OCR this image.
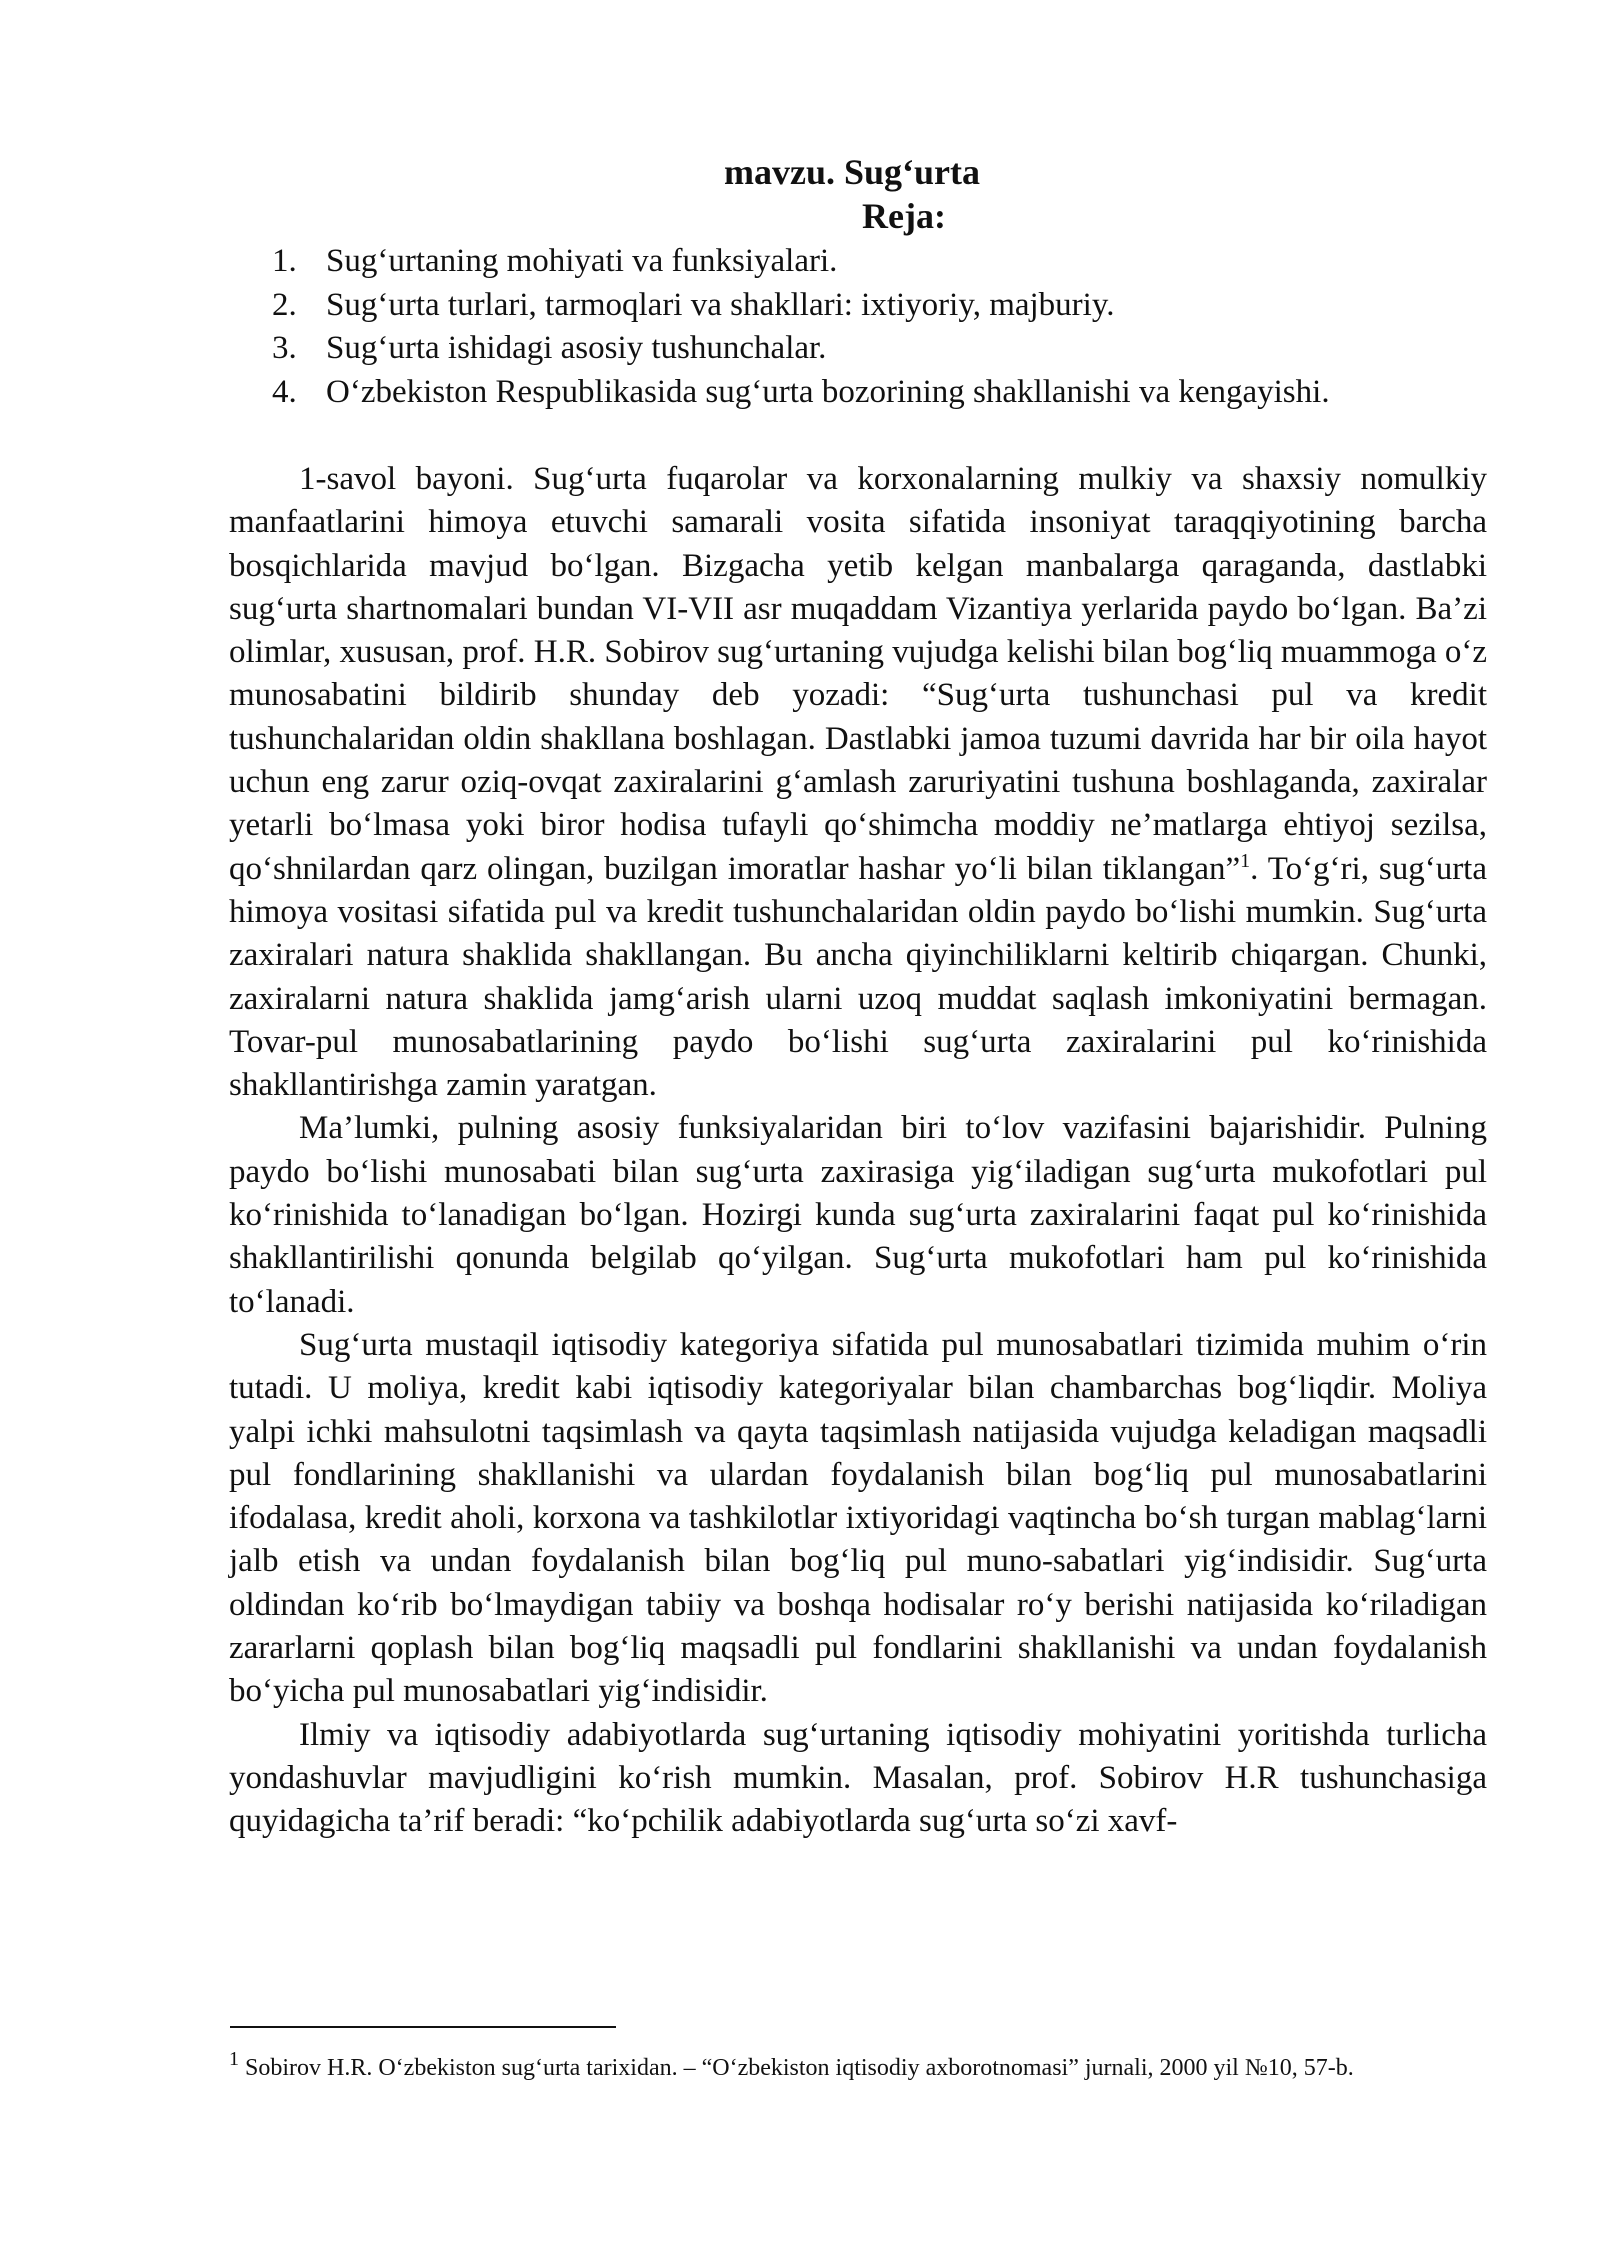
mavzu. Sug‘urta
Reja:
1. Sug‘urtaning mohiyati va funksiyalari.
2. Sug‘urta turlari, tarmoqlari va shakllari: ixtiyoriy, majburiy.
3. Sug‘urta ishidagi asosiy tushunchalar.
4. O‘zbekiston Respublikasida sug‘urta bozorining shakllanishi va kengayishi.

1-savol bayoni. Sug‘urta fuqarolar va korxonalarning mulkiy va shaxsiy nomulkiy manfaatlarini himoya etuvchi samarali vosita sifatida insoniyat taraqqiyotining barcha bosqichlarida mavjud bo‘lgan. Bizgacha yetib kelgan manbalarga qaraganda, dastlabki sug‘urta shartnomalari bundan VI-VII asr muqaddam Vizantiya yerlarida paydo bo‘lgan. Ba’zi olimlar, xususan, prof. H.R. Sobirov sug‘urtaning vujudga kelishi bilan bog‘liq muammoga o‘z munosabatini bildirib shunday deb yozadi: “Sug‘urta tushunchasi pul va kredit tushunchalaridan oldin shakllana boshlagan. Dastlabki jamoa tuzumi davrida har bir oila hayot uchun eng zarur oziq-ovqat zaxiralarini g‘amlash zaruriyatini tushuna boshlaganda, zaxiralar yetarli bo‘lmasa yoki biror hodisa tufayli qo‘shimcha moddiy ne’matlarga ehtiyoj sezilsa, qo‘shnilardan qarz olingan, buzilgan imoratlar hashar yo‘li bilan tiklangan”$^1$. To‘g‘ri, sug‘urta himoya vositasi sifatida pul va kredit tushunchalaridan oldin paydo bo‘lishi mumkin. Sug‘urta zaxiralari natura shaklida shakllangan. Bu ancha qiyinchiliklarni keltirib chiqargan. Chunki, zaxiralarni natura shaklida jamg‘arish ularni uzoq muddat saqlash imkoniyatini bermagan. Tovar-pul munosabatlarining paydo bo‘lishi sug‘urta zaxiralarini pul ko‘rinishida shakllantirishga zamin yaratgan.

Ma’lumki, pulning asosiy funksiyalaridan biri to‘lov vazifasini bajarishidir. Pulning paydo bo‘lishi munosabati bilan sug‘urta zaxirasiga yig‘iladigan sug‘urta mukofotlari pul ko‘rinishida to‘lanadigan bo‘lgan. Hozirgi kunda sug‘urta zaxiralarini faqat pul ko‘rinishida shakllantirilishi qonunda belgilab qo‘yilgan. Sug‘urta mukofotlari ham pul ko‘rinishida to‘lanadi.

Sug‘urta mustaqil iqtisodiy kategoriya sifatida pul munosabatlari tizimida muhim o‘rin tutadi. U moliya, kredit kabi iqtisodiy kategoriyalar bilan chambarchas bog‘liqdir. Moliya yalpi ichki mahsulotni taqsimlash va qayta taqsimlash natijasida vujudga keladigan maqsadli pul fondlarining shakllanishi va ulardan foydalanish bilan bog‘liq pul munosabatlarini ifodalasa, kredit aholi, korxona va tashkilotlar ixtiyoridagi vaqtincha bo‘sh turgan mablag‘larni jalb etish va undan foydalanish bilan bog‘liq pul muno-sabatlari yig‘indisidir. Sug‘urta oldindan ko‘rib bo‘lmaydigan tabiiy va boshqa hodisalar ro‘y berishi natijasida ko‘riladigan zararlarni qoplash bilan bog‘liq maqsadli pul fondlarini shakllanishi va undan foydalanish bo‘yicha pul munosabatlari yig‘indisidir.

Ilmiy va iqtisodiy adabiyotlarda sug‘urtaning iqtisodiy mohiyatini yoritishda turlicha yondashuvlar mavjudligini ko‘rish mumkin. Masalan, prof. Sobirov H.R tushunchasiga quyidagicha ta’rif beradi: “ko‘pchilik adabiyotlarda sug‘urta so‘zi xavf-

$^1$ Sobirov H.R. O‘zbekiston sug‘urta tarixidan. – “O‘zbekiston iqtisodiy axborotnomasi” jurnali, 2000 yil №10, 57-b.
